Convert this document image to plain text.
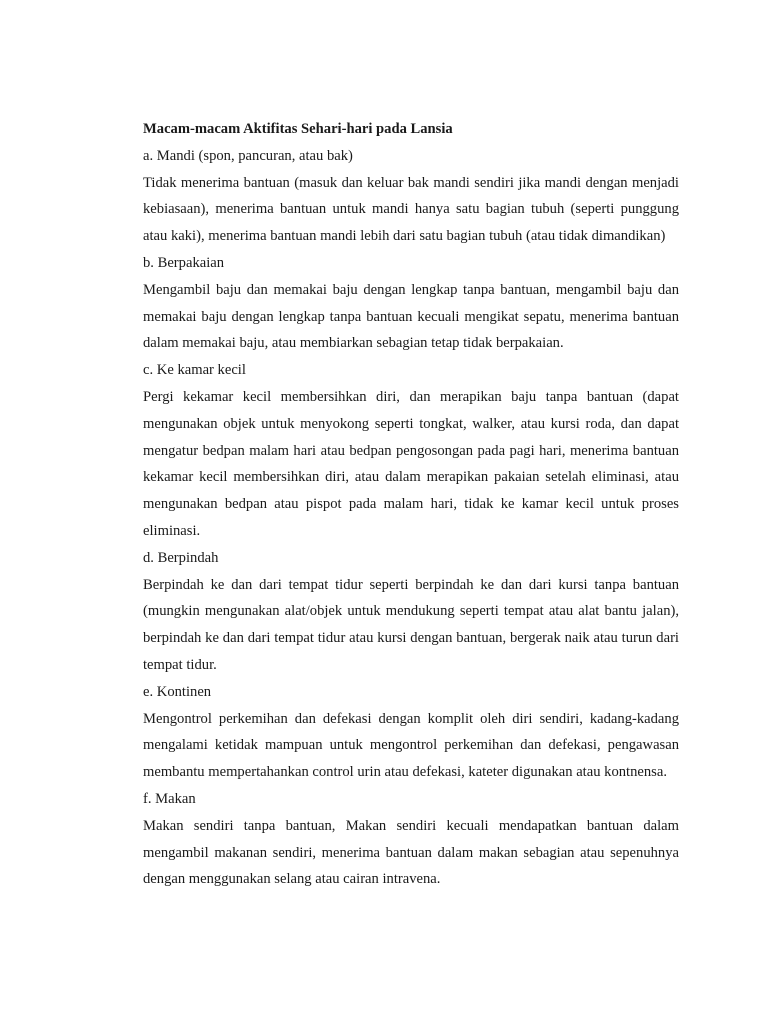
Macam-macam Aktifitas Sehari-hari pada Lansia

a. Mandi (spon, pancuran, atau bak)

Tidak menerima bantuan (masuk dan keluar bak mandi sendiri jika mandi dengan menjadi kebiasaan), menerima bantuan untuk mandi hanya satu bagian tubuh (seperti punggung atau kaki), menerima bantuan mandi lebih dari satu bagian tubuh (atau tidak dimandikan)

b. Berpakaian

Mengambil baju dan memakai baju dengan lengkap tanpa bantuan, mengambil baju dan memakai baju dengan lengkap tanpa bantuan kecuali mengikat sepatu, menerima bantuan dalam memakai baju, atau membiarkan sebagian tetap tidak berpakaian.

c. Ke kamar kecil

Pergi kekamar kecil membersihkan diri, dan merapikan baju tanpa bantuan (dapat mengunakan objek untuk menyokong seperti tongkat, walker, atau kursi roda, dan dapat mengatur bedpan malam hari atau bedpan pengosongan pada pagi hari, menerima bantuan kekamar kecil membersihkan diri, atau dalam merapikan pakaian setelah eliminasi, atau mengunakan bedpan atau pispot pada malam hari, tidak ke kamar kecil untuk proses eliminasi.

d. Berpindah

Berpindah ke dan dari tempat tidur seperti berpindah ke dan dari kursi tanpa bantuan (mungkin mengunakan alat/objek untuk mendukung seperti tempat atau alat bantu jalan), berpindah ke dan dari tempat tidur atau kursi dengan bantuan, bergerak naik atau turun dari tempat tidur.

e. Kontinen

Mengontrol perkemihan dan defekasi dengan komplit oleh diri sendiri, kadang-kadang mengalami ketidak mampuan untuk mengontrol perkemihan dan defekasi, pengawasan membantu mempertahankan control urin atau defekasi, kateter digunakan atau kontnensa.

f. Makan

Makan sendiri tanpa bantuan, Makan sendiri kecuali mendapatkan bantuan dalam mengambil makanan sendiri, menerima bantuan dalam makan sebagian atau sepenuhnya dengan menggunakan selang atau cairan intravena.
